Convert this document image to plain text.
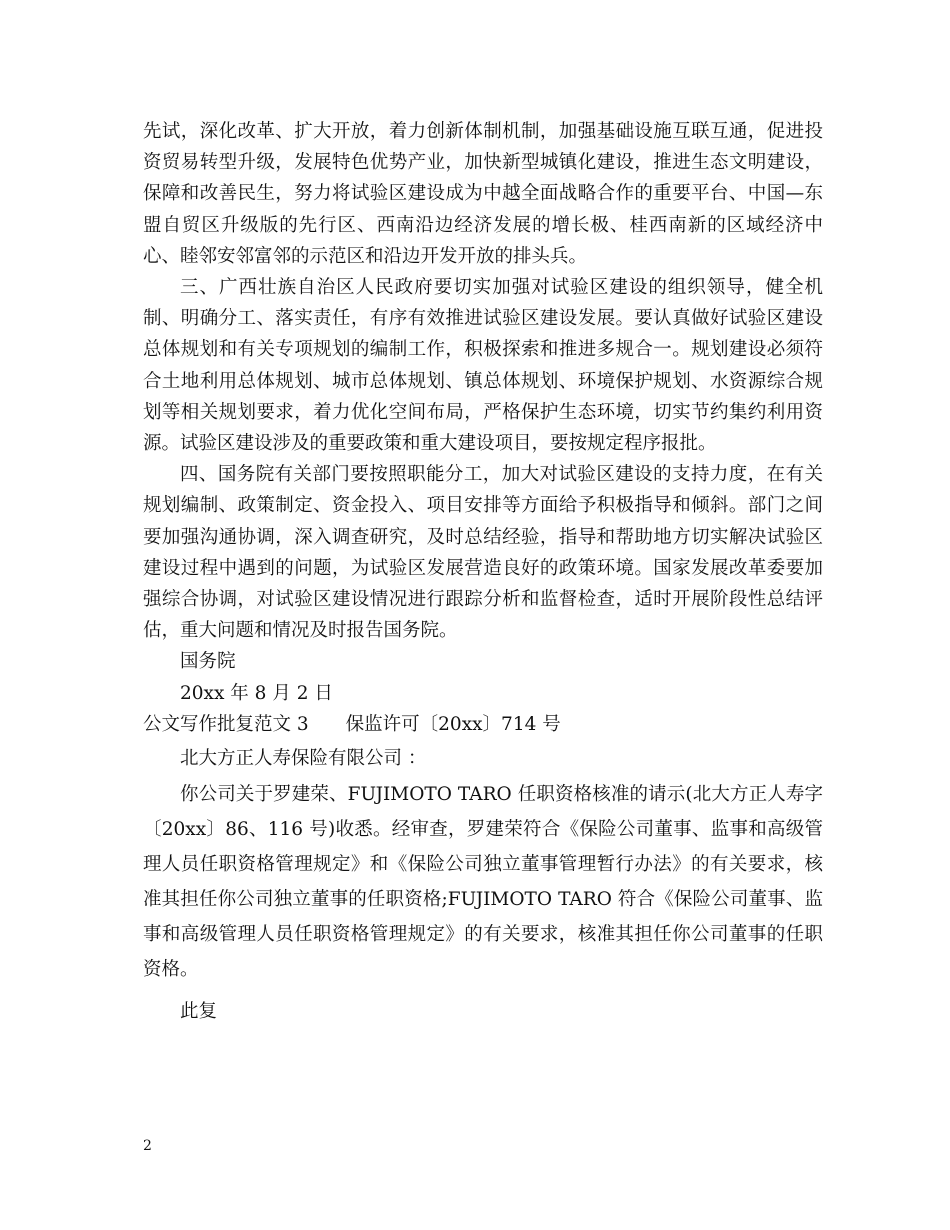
先试，深化改革、扩大开放，着力创新体制机制，加强基础设施互联互通，促进投资贸易转型升级，发展特色优势产业，加快新型城镇化建设，推进生态文明建设，保障和改善民生，努力将试验区建设成为中越全面战略合作的重要平台、中国—东盟自贸区升级版的先行区、西南沿边经济发展的增长极、桂西南新的区域经济中心、睦邻安邻富邻的示范区和沿边开发开放的排头兵。

三、广西壮族自治区人民政府要切实加强对试验区建设的组织领导，健全机制、明确分工、落实责任，有序有效推进试验区建设发展。要认真做好试验区建设总体规划和有关专项规划的编制工作，积极探索和推进多规合一。规划建设必须符合土地利用总体规划、城市总体规划、镇总体规划、环境保护规划、水资源综合规划等相关规划要求，着力优化空间布局，严格保护生态环境，切实节约集约利用资源。试验区建设涉及的重要政策和重大建设项目，要按规定程序报批。

四、国务院有关部门要按照职能分工，加大对试验区建设的支持力度，在有关规划编制、政策制定、资金投入、项目安排等方面给予积极指导和倾斜。部门之间要加强沟通协调，深入调查研究，及时总结经验，指导和帮助地方切实解决试验区建设过程中遇到的问题，为试验区发展营造良好的政策环境。国家发展改革委要加强综合协调，对试验区建设情况进行跟踪分析和监督检查，适时开展阶段性总结评估，重大问题和情况及时报告国务院。

国务院

20xx 年 8 月 2 日

公文写作批复范文 3　　保监许可〔20xx〕714 号

北大方正人寿保险有限公司 ：

你公司关于罗建荣、FUJIMOTO TARO 任职资格核准的请示(北大方正人寿字〔20xx〕86、116 号)收悉。经审查，罗建荣符合《保险公司董事、监事和高级管理人员任职资格管理规定》和《保险公司独立董事管理暂行办法》的有关要求，核准其担任你公司独立董事的任职资格;FUJIMOTO TARO 符合《保险公司董事、监事和高级管理人员任职资格管理规定》的有关要求，核准其担任你公司董事的任职资格。

此复

2
